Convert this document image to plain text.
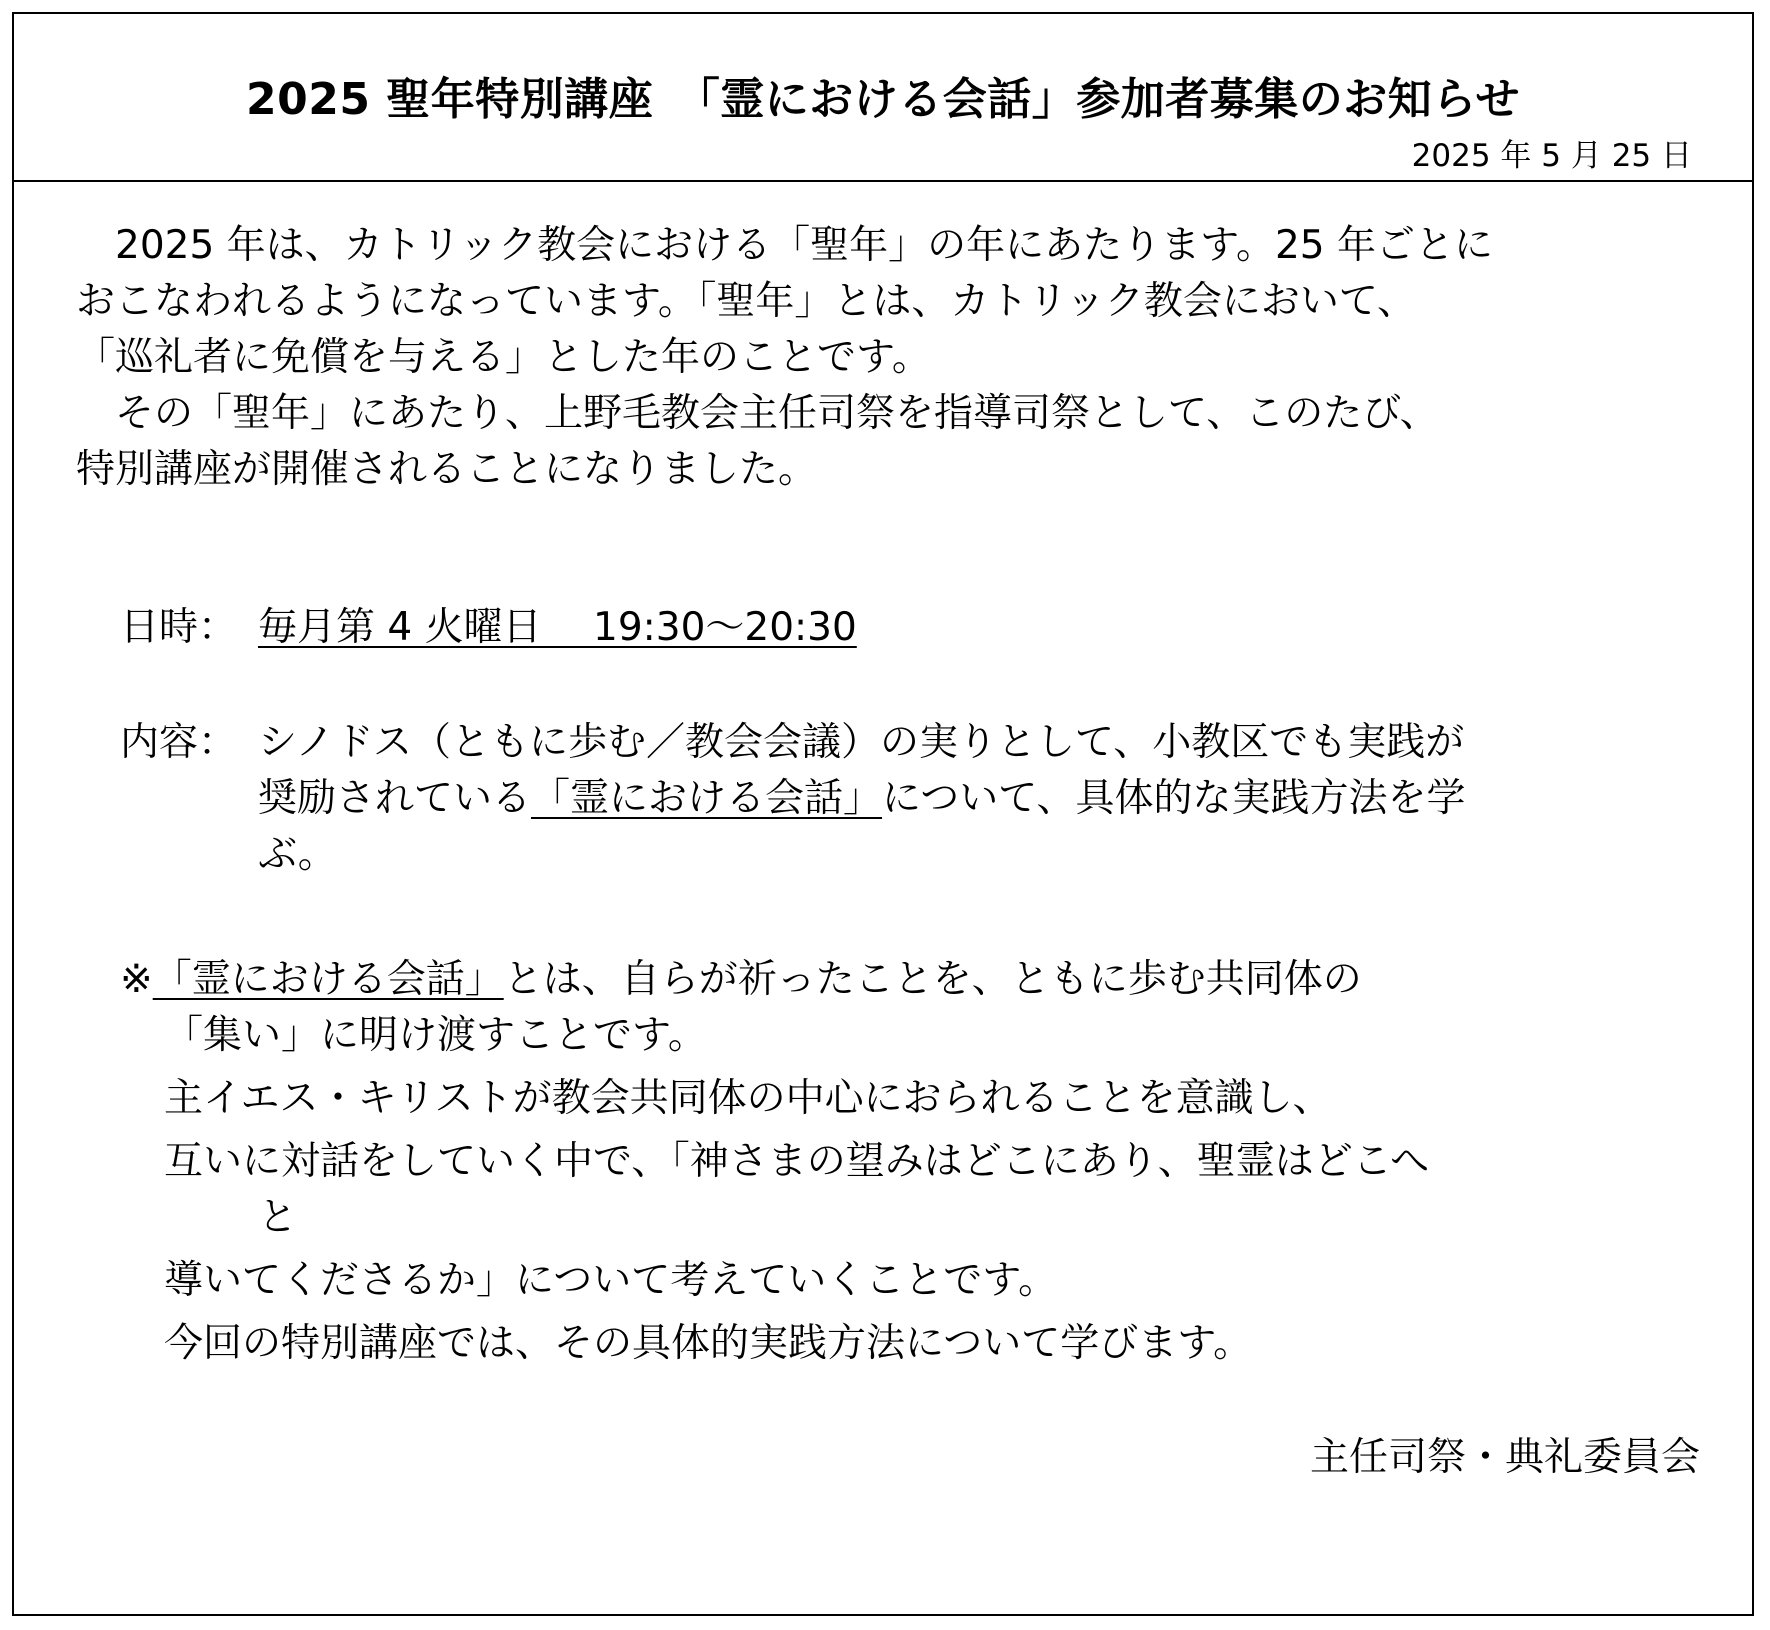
2025 聖年特別講座　「霊における会話」参加者募集のお知らせ
2025 年 5 月 25 日
　2025 年は、カトリック教会における「聖年」の年にあたります。25 年ごとに
おこなわれるようになっています。「聖年」とは、カトリック教会において、
「巡礼者に免償を与える」とした年のことです。
　その「聖年」にあたり、上野毛教会主任司祭を指導司祭として、このたび、
特別講座が開催されることになりました。
日時： 毎月第 4 火曜日　 19:30～20:30
内容： シノドス（ともに歩む／教会会議）の実りとして、小教区でも実践が
奨励されている「霊における会話」について、具体的な実践方法を学
ぶ。
※「霊における会話」とは、自らが祈ったことを、ともに歩む共同体の
「集い」に明け渡すことです。
主イエス・キリストが教会共同体の中心におられることを意識し、
互いに対話をしていく中で、「神さまの望みはどこにあり、聖霊はどこへ
と
導いてくださるか」について考えていくことです。
今回の特別講座では、その具体的実践方法について学びます。
主任司祭・典礼委員会
